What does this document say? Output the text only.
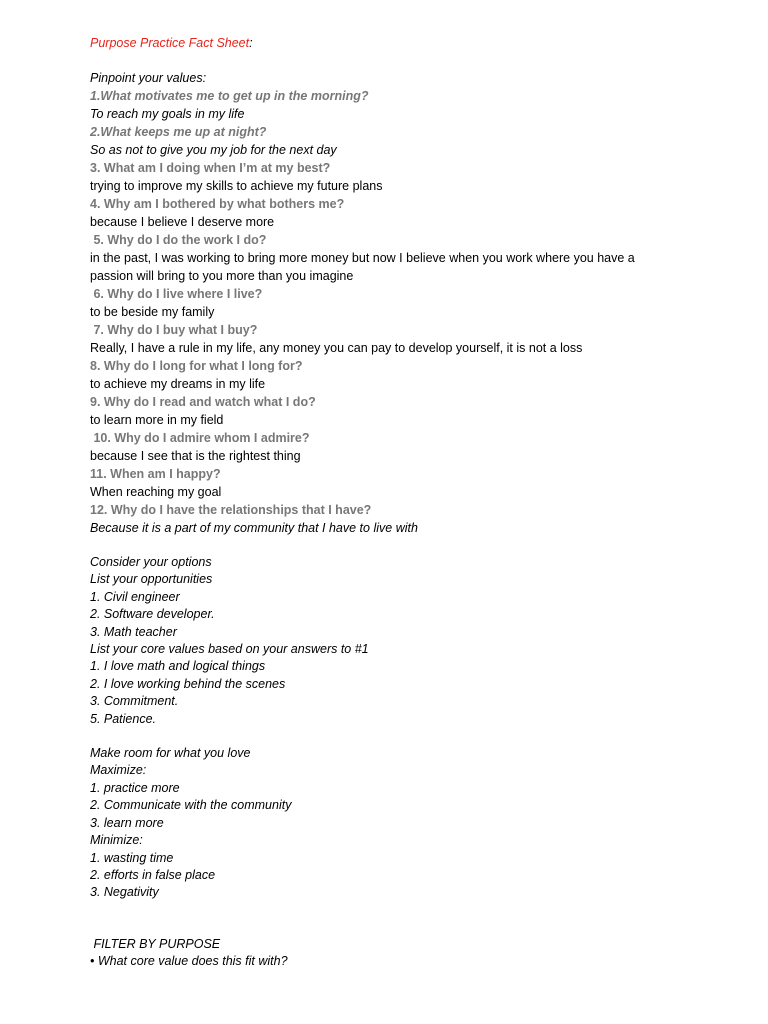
Purpose Practice Fact Sheet:
Pinpoint your values:
1.What motivates me to get up in the morning?
To reach my goals in my life
2.What keeps me up at night?
So as not to give you my job for the next day
3. What am I doing when I’m at my best?
trying to improve my skills to achieve my future plans
4. Why am I bothered by what bothers me?
because I believe I deserve more
5. Why do I do the work I do?
in the past, I was working to bring more money but now I believe when you work where you have a passion will bring to you more than you imagine
6. Why do I live where I live?
to be beside my family
7. Why do I buy what I buy?
Really, I have a rule in my life, any money you can pay to develop yourself, it is not a loss
8. Why do I long for what I long for?
to achieve my dreams in my life
9. Why do I read and watch what I do?
to learn more in my field
10. Why do I admire whom I admire?
because I see that is the rightest thing
11. When am I happy?
When reaching my goal
12. Why do I have the relationships that I have?
Because it is a part of my community that I have to live with
Consider your options
List your opportunities
1. Civil engineer
2. Software developer.
3. Math teacher
List your core values based on your answers to #1
1. I love math and logical things
2. I love working behind the scenes
3. Commitment.
5. Patience.
Make room for what you love
Maximize:
1. practice more
2. Communicate with the community
3. learn more
Minimize:
1. wasting time
2. efforts in false place
3. Negativity
FILTER BY PURPOSE
• What core value does this fit with?
